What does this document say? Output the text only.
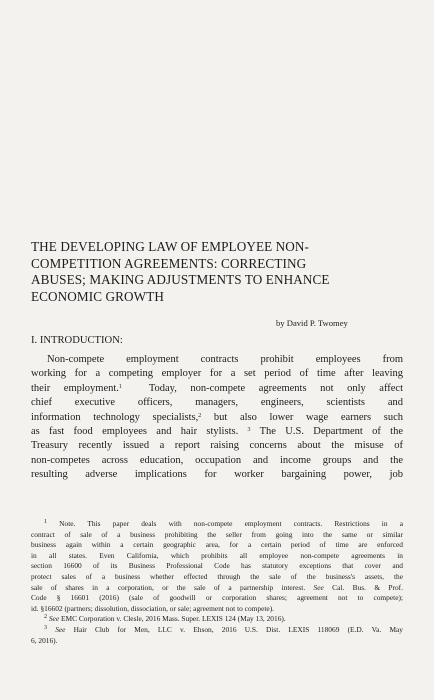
THE DEVELOPING LAW OF EMPLOYEE NON-
COMPETITION AGREEMENTS: CORRECTING
ABUSES; MAKING ADJUSTMENTS TO ENHANCE
ECONOMIC GROWTH
by David P. Twomey
I. INTRODUCTION:
Non-compete employment contracts prohibit employees from
working for a competing employer for a set period of time after leaving
their employment.$^1$	Today, non-compete agreements not only affect
chief executive officers, managers, engineers, scientists and
information technology specialists,$^2$ but also lower wage earners such
as fast food employees and hair stylists. $^3$ The U.S. Department of the
Treasury recently issued a report raising concerns about the misuse of
non-competes across education, occupation and income groups and the
resulting adverse implications for worker bargaining power, job
$^1$ Note. This paper deals with non-compete employment contracts. Restrictions in a
contract of sale of a business prohibiting the seller from going into the same or similar
business again within a certain geographic area, for a certain period of time are enforced
in all states. Even California, which prohibits all employee non-compete agreements in
section 16600 of its Business Professional Code has statutory exceptions that cover and
protect sales of a business whether effected through the sale of the business's assets, the
sale of shares in a corporation, or the sale of a partnership interest. See Cal. Bus. & Prof.
Code § 16601 (2016) (sale of goodwill or corporation shares; agreement not to compete);
id. §16602 (partners; dissolution, dissociation, or sale; agreement not to compete).
$^2$ See EMC Corporation v. Clesle, 2016 Mass. Super. LEXIS 124 (May 13, 2016).
$^3$ See Hair Club for Men, LLC v. Ehson, 2016 U.S. Dist. LEXIS 118069 (E.D. Va. May
6, 2016).
